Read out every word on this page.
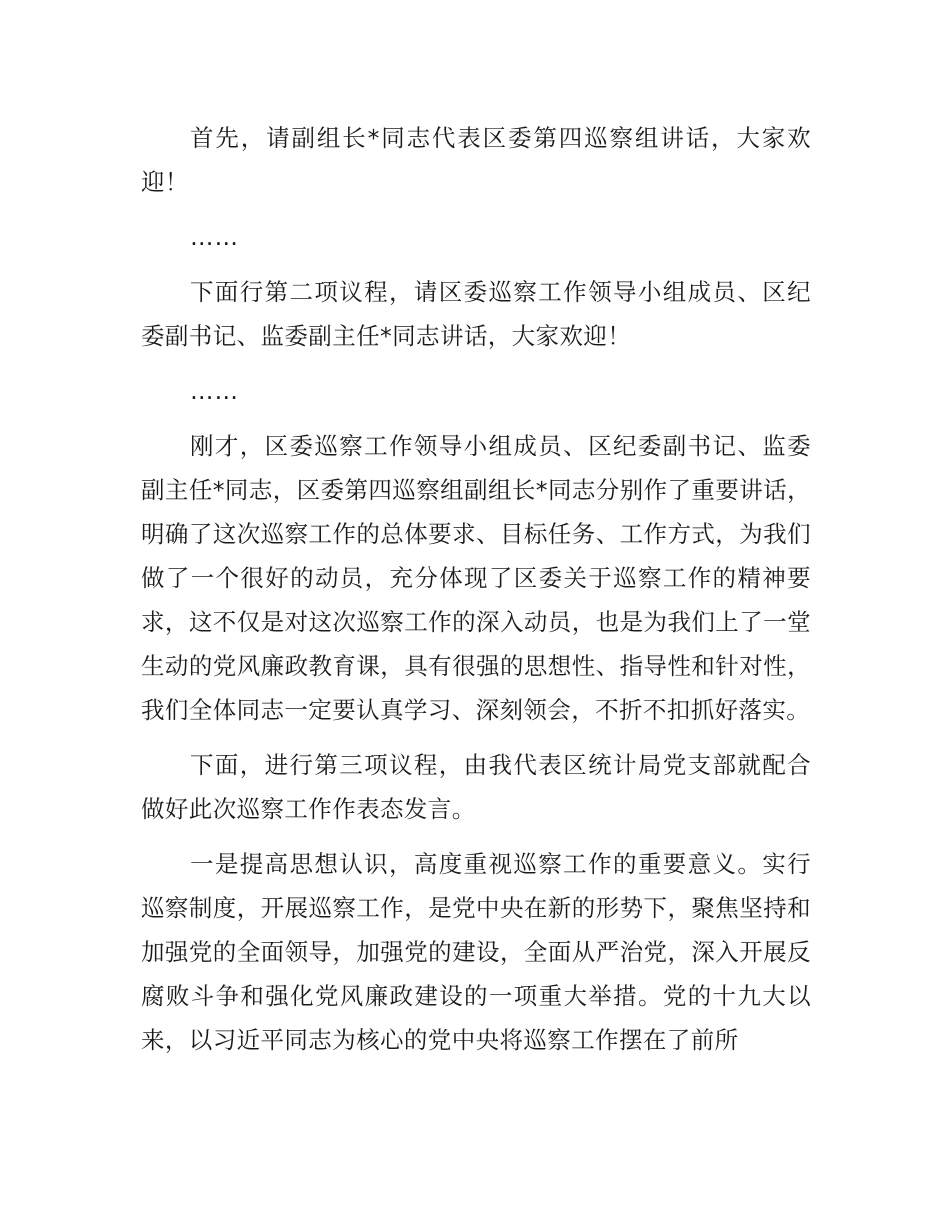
首先，请副组长*同志代表区委第四巡察组讲话，大家欢迎！

……

下面行第二项议程，请区委巡察工作领导小组成员、区纪委副书记、监委副主任*同志讲话，大家欢迎！

……

刚才，区委巡察工作领导小组成员、区纪委副书记、监委副主任*同志，区委第四巡察组副组长*同志分别作了重要讲话，明确了这次巡察工作的总体要求、目标任务、工作方式，为我们做了一个很好的动员，充分体现了区委关于巡察工作的精神要求，这不仅是对这次巡察工作的深入动员，也是为我们上了一堂生动的党风廉政教育课，具有很强的思想性、指导性和针对性，我们全体同志一定要认真学习、深刻领会，不折不扣抓好落实。

下面，进行第三项议程，由我代表区统计局党支部就配合做好此次巡察工作作表态发言。

一是提高思想认识，高度重视巡察工作的重要意义。实行巡察制度，开展巡察工作，是党中央在新的形势下，聚焦坚持和加强党的全面领导，加强党的建设，全面从严治党，深入开展反腐败斗争和强化党风廉政建设的一项重大举措。党的十九大以来，以习近平同志为核心的党中央将巡察工作摆在了前所
